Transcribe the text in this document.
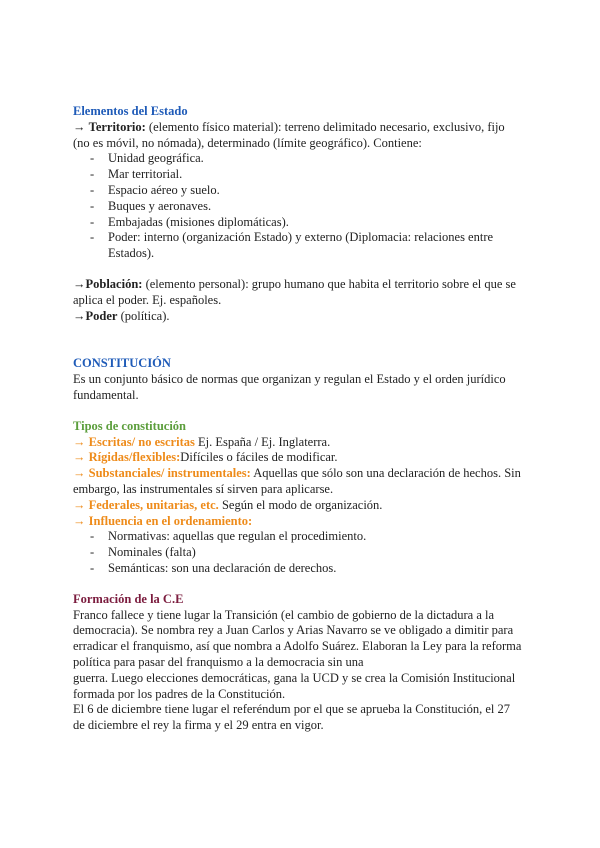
Elementos del Estado

→ Territorio: (elemento físico material): terreno delimitado necesario, exclusivo, fijo (no es móvil, no nómada), determinado (límite geográfico). Contiene:

- Unidad geográfica.
- Mar territorial.
- Espacio aéreo y suelo.
- Buques y aeronaves.
- Embajadas (misiones diplomáticas).
- Poder: interno (organización Estado) y externo (Diplomacia: relaciones entre Estados).

→Población: (elemento personal): grupo humano que habita el territorio sobre el que se aplica el poder. Ej. españoles.

→Poder (política).

CONSTITUCIÓN

Es un conjunto básico de normas que organizan y regulan el Estado y el orden jurídico fundamental.

Tipos de constitución

→ Escritas/ no escritas Ej. España / Ej. Inglaterra.

→ Rígidas/flexibles:Difíciles o fáciles de modificar.

→ Substanciales/ instrumentales: Aquellas que sólo son una declaración de hechos. Sin embargo, las instrumentales sí sirven para aplicarse.

→ Federales, unitarias, etc. Según el modo de organización.

→ Influencia en el ordenamiento:

- Normativas: aquellas que regulan el procedimiento.
- Nominales (falta)
- Semánticas: son una declaración de derechos.

Formación de la C.E

Franco fallece y tiene lugar la Transición (el cambio de gobierno de la dictadura a la democracia). Se nombra rey a Juan Carlos y Arias Navarro se ve obligado a dimitir para erradicar el franquismo, así que nombra a Adolfo Suárez. Elaboran la Ley para la reforma política para pasar del franquismo a la democracia sin una

guerra. Luego elecciones democráticas, gana la UCD y se crea la Comisión Institucional formada por los padres de la Constitución.

El 6 de diciembre tiene lugar el referéndum por el que se aprueba la Constitución, el 27 de diciembre el rey la firma y el 29 entra en vigor.
